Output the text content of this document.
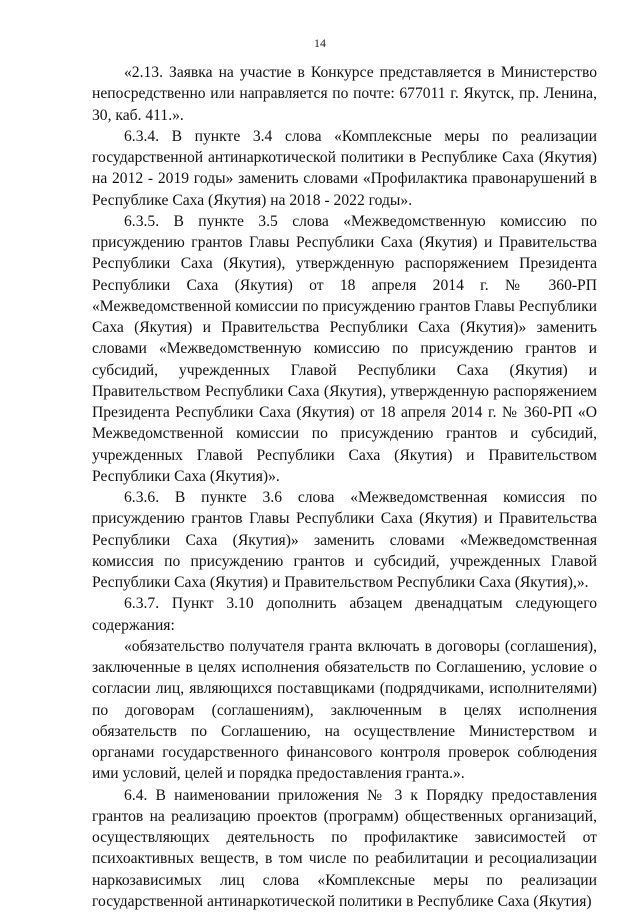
14

«2.13. Заявка на участие в Конкурсе представляется в Министерство непосредственно или направляется по почте: 677011 г. Якутск, пр. Ленина, 30, каб. 411.».

6.3.4. В пункте 3.4 слова «Комплексные меры по реализации государственной антинаркотической политики в Республике Саха (Якутия) на 2012 - 2019 годы» заменить словами «Профилактика правонарушений в Республике Саха (Якутия) на 2018 - 2022 годы».

6.3.5. В пункте 3.5 слова «Межведомственную комиссию по присуждению грантов Главы Республики Саха (Якутия) и Правительства Республики Саха (Якутия), утвержденную распоряжением Президента Республики Саха (Якутия) от 18 апреля 2014 г. № 360-РП «Межведомственной комиссии по присуждению грантов Главы Республики Саха (Якутия) и Правительства Республики Саха (Якутия)» заменить словами «Межведомственную комиссию по присуждению грантов и субсидий, учрежденных Главой Республики Саха (Якутия) и Правительством Республики Саха (Якутия), утвержденную распоряжением Президента Республики Саха (Якутия) от 18 апреля 2014 г. № 360-РП «О Межведомственной комиссии по присуждению грантов и субсидий, учрежденных Главой Республики Саха (Якутия) и Правительством Республики Саха (Якутия)».

6.3.6. В пункте 3.6 слова «Межведомственная комиссия по присуждению грантов Главы Республики Саха (Якутия) и Правительства Республики Саха (Якутия)» заменить словами «Межведомственная комиссия по присуждению грантов и субсидий, учрежденных Главой Республики Саха (Якутия) и Правительством Республики Саха (Якутия),».

6.3.7. Пункт 3.10 дополнить абзацем двенадцатым следующего содержания:

«обязательство получателя гранта включать в договоры (соглашения), заключенные в целях исполнения обязательств по Соглашению, условие о согласии лиц, являющихся поставщиками (подрядчиками, исполнителями) по договорам (соглашениям), заключенным в целях исполнения обязательств по Соглашению, на осуществление Министерством и органами государственного финансового контроля проверок соблюдения ими условий, целей и порядка предоставления гранта.».

6.4. В наименовании приложения № 3 к Порядку предоставления грантов на реализацию проектов (программ) общественных организаций, осуществляющих деятельность по профилактике зависимостей от психоактивных веществ, в том числе по реабилитации и ресоциализации наркозависимых лиц слова «Комплексные меры по реализации государственной антинаркотической политики в Республике Саха (Якутия)
